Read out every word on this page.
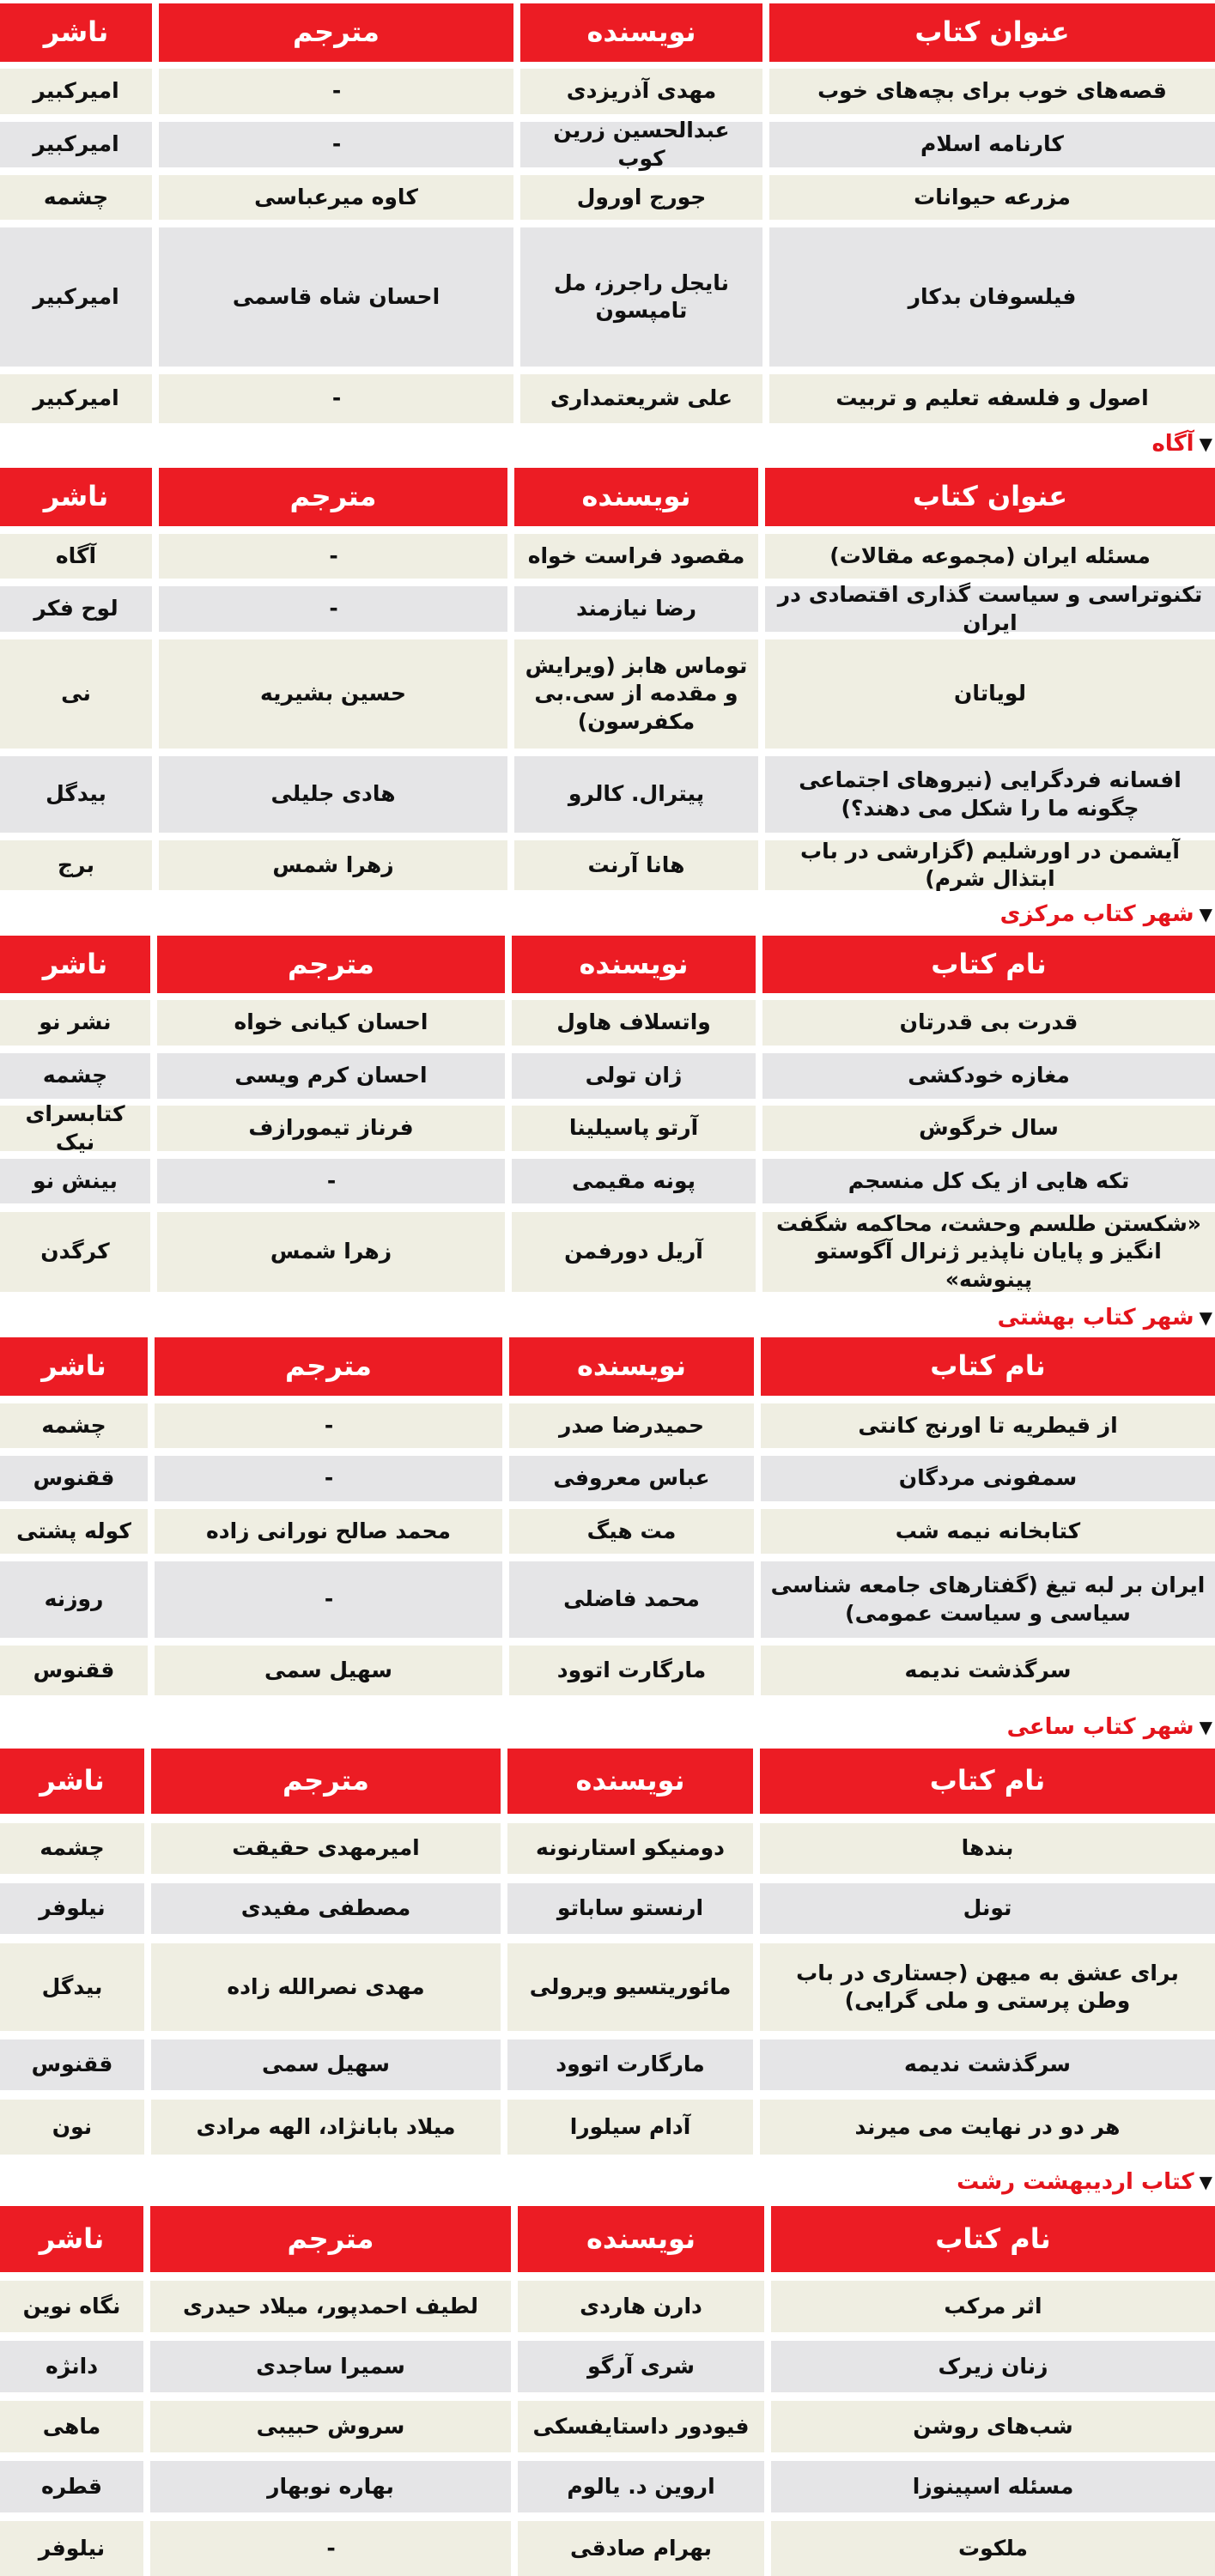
عنوان کتاب
نویسنده
مترجم
ناشر
قصه‌های خوب برای بچه‌های خوب
مهدی آذریزدی
-
امیرکبیر
کارنامه اسلام
عبدالحسین زرین کوب
-
امیرکبیر
مزرعه حیوانات
جورج اورول
کاوه میرعباسی
چشمه
فیلسوفان بدکار
نایجل راجرز، مل تامپسون
احسان شاه قاسمی
امیرکبیر
اصول و فلسفه تعلیم و تربیت
علی شریعتمداری
-
امیرکبیر
▼
آگاه
عنوان کتاب
نویسنده
مترجم
ناشر
مسئله ایران (مجموعه مقالات)
مقصود فراست خواه
-
آگاه
تکنوتراسی و سیاست گذاری اقتصادی در ایران
رضا نیازمند
-
لوح فکر
لویاتان
توماس هابز (ویرایش و مقدمه از سی.بی مکفرسون)
حسین بشیریه
نی
افسانه فردگرایی (نیروهای اجتماعی چگونه ما را شکل می دهند؟)
پیترال. کالرو
هادی جلیلی
بیدگل
آیشمن در اورشلیم (گزارشی در باب ابتذال شرم)
هانا آرنت
زهرا شمس
برج
▼
شهر کتاب مرکزی
نام کتاب
نویسنده
مترجم
ناشر
قدرت بی قدرتان
واتسلاف هاول
احسان کیانی خواه
نشر نو
مغازه خودکشی
ژان تولی
احسان کرم ویسی
چشمه
سال خرگوش
آرتو پاسیلینا
فرناز تیمورازف
کتابسرای نیک
تکه هایی از یک کل منسجم
پونه مقیمی
-
بینش نو
«شکستن طلسم وحشت، محاکمه شگفت انگیز و پایان ناپذیر ژنرال آگوستو پینوشه»
آریل دورفمن
زهرا شمس
کرگدن
▼
شهر کتاب بهشتی
نام کتاب
نویسنده
مترجم
ناشر
از قیطریه تا اورنج کانتی
حمیدرضا صدر
-
چشمه
سمفونی مردگان
عباس معروفی
-
ققنوس
کتابخانه نیمه شب
مت هیگ
محمد صالح نورانی زاده
کوله پشتی
ایران بر لبه تیغ (گفتارهای جامعه شناسی سیاسی و سیاست عمومی)
محمد فاضلی
-
روزنه
سرگذشت ندیمه
مارگارت اتوود
سهیل سمی
ققنوس
▼
شهر کتاب ساعی
نام کتاب
نویسنده
مترجم
ناشر
بندها
دومنیکو استارنونه
امیرمهدی حقیقت
چشمه
تونل
ارنستو ساباتو
مصطفی مفیدی
نیلوفر
برای عشق به میهن (جستاری در باب وطن پرستی و ملی گرایی)
مائوریتسیو ویرولی
مهدی نصرالله زاده
بیدگل
سرگذشت ندیمه
مارگارت اتوود
سهیل سمی
ققنوس
هر دو در نهایت می میرند
آدام سیلورا
میلاد بابانژاد، الهه مرادی
نون
▼
کتاب اردیبهشت رشت
نام کتاب
نویسنده
مترجم
ناشر
اثر مرکب
دارن هاردی
لطیف احمدپور، میلاد حیدری
نگاه نوین
زنان زیرک
شری آرگو
سمیرا ساجدی
دانژه
شب‌های روشن
فیودور داستایفسکی
سروش حبیبی
ماهی
مسئله اسپینوزا
اروین د. یالوم
بهاره نوبهار
قطره
ملکوت
بهرام صادقی
-
نیلوفر
